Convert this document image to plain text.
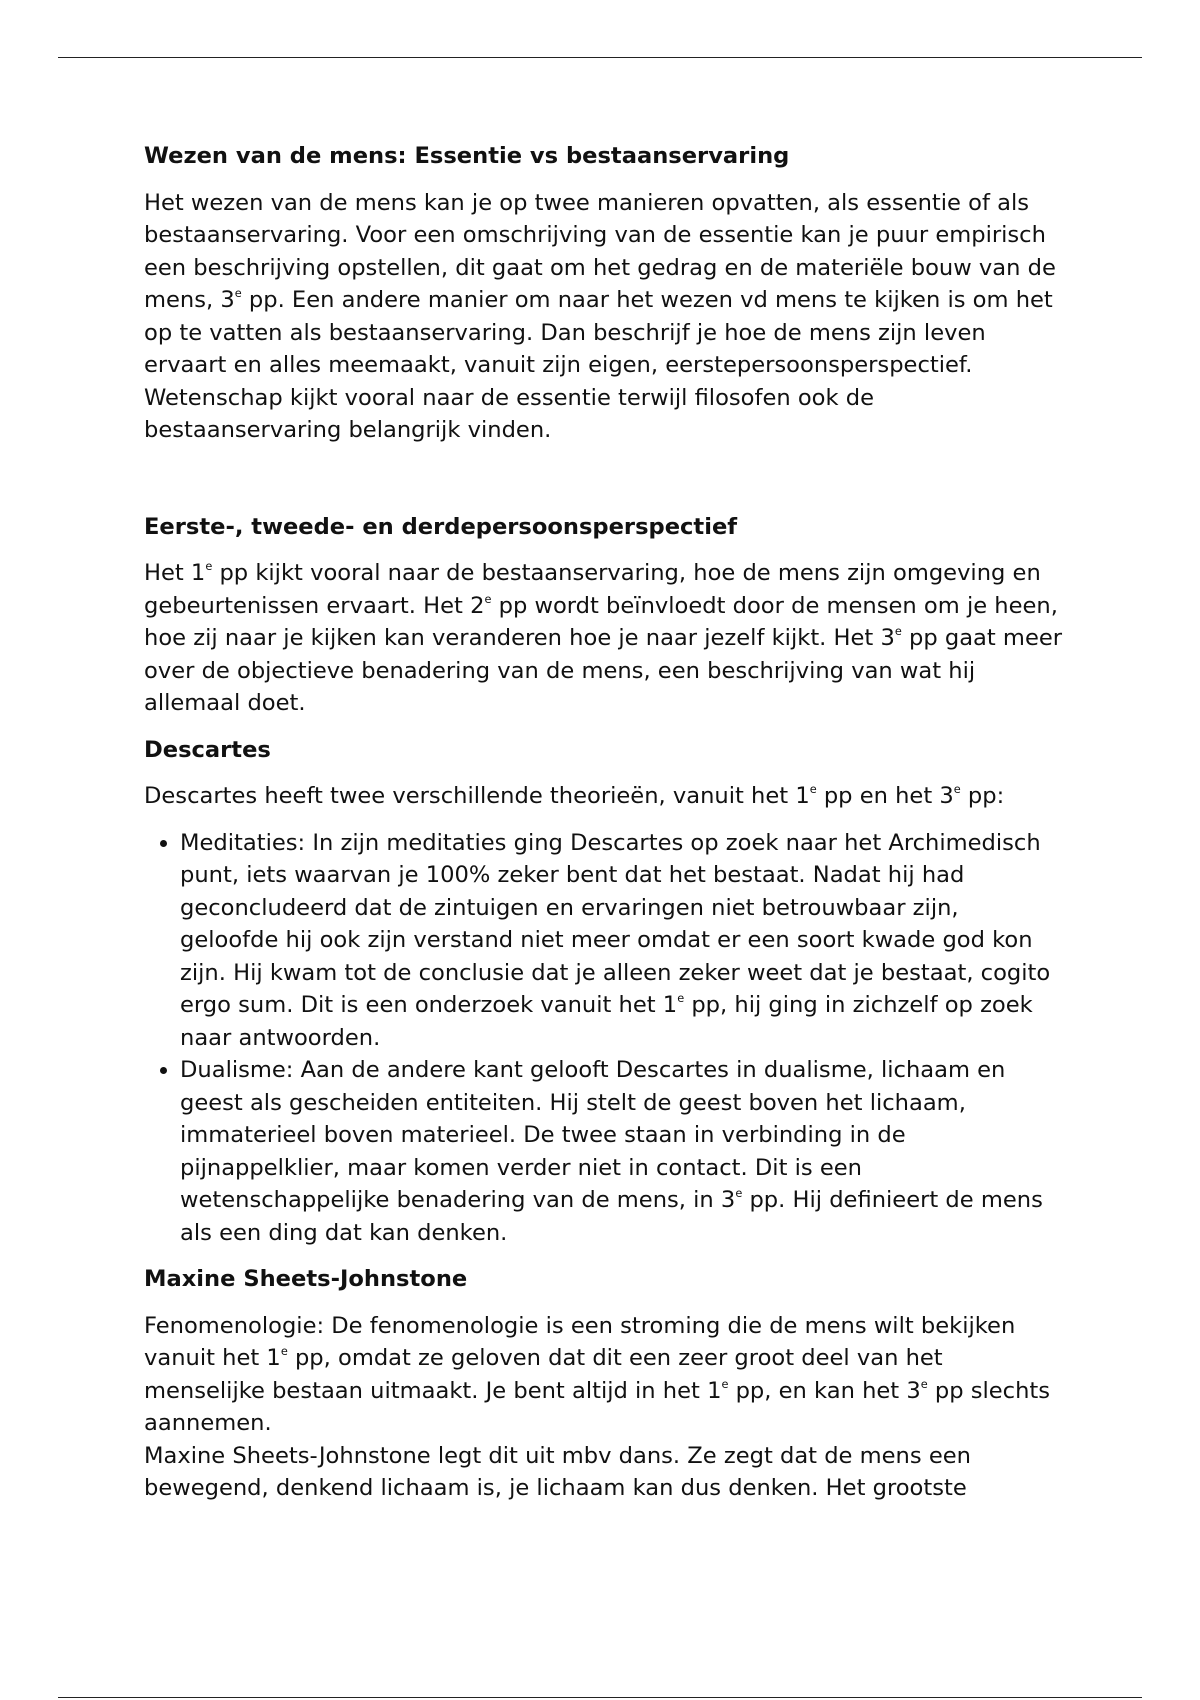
Wezen van de mens: Essentie vs bestaanservaring

Het wezen van de mens kan je op twee manieren opvatten, als essentie of als bestaanservaring. Voor een omschrijving van de essentie kan je puur empirisch een beschrijving opstellen, dit gaat om het gedrag en de materiële bouw van de mens, 3e pp. Een andere manier om naar het wezen vd mens te kijken is om het op te vatten als bestaanservaring. Dan beschrijf je hoe de mens zijn leven ervaart en alles meemaakt, vanuit zijn eigen, eerstepersoonsperspectief. Wetenschap kijkt vooral naar de essentie terwijl filosofen ook de bestaanservaring belangrijk vinden.

Eerste-, tweede- en derdepersoonsperspectief

Het 1e pp kijkt vooral naar de bestaanservaring, hoe de mens zijn omgeving en gebeurtenissen ervaart. Het 2e pp wordt beïnvloedt door de mensen om je heen, hoe zij naar je kijken kan veranderen hoe je naar jezelf kijkt. Het 3e pp gaat meer over de objectieve benadering van de mens, een beschrijving van wat hij allemaal doet.

Descartes

Descartes heeft twee verschillende theorieën, vanuit het 1e pp en het 3e pp:

• Meditaties: In zijn meditaties ging Descartes op zoek naar het Archimedisch punt, iets waarvan je 100% zeker bent dat het bestaat. Nadat hij had geconcludeerd dat de zintuigen en ervaringen niet betrouwbaar zijn, geloofde hij ook zijn verstand niet meer omdat er een soort kwade god kon zijn. Hij kwam tot de conclusie dat je alleen zeker weet dat je bestaat, cogito ergo sum. Dit is een onderzoek vanuit het 1e pp, hij ging in zichzelf op zoek naar antwoorden.
• Dualisme: Aan de andere kant gelooft Descartes in dualisme, lichaam en geest als gescheiden entiteiten. Hij stelt de geest boven het lichaam, immaterieel boven materieel. De twee staan in verbinding in de pijnappelklier, maar komen verder niet in contact. Dit is een wetenschappelijke benadering van de mens, in 3e pp. Hij definieert de mens als een ding dat kan denken.
Maxine Sheets-Johnstone

Fenomenologie: De fenomenologie is een stroming die de mens wilt bekijken vanuit het 1e pp, omdat ze geloven dat dit een zeer groot deel van het menselijke bestaan uitmaakt. Je bent altijd in het 1e pp, en kan het 3e pp slechts aannemen.

Maxine Sheets-Johnstone legt dit uit mbv dans. Ze zegt dat de mens een bewegend, denkend lichaam is, je lichaam kan dus denken. Het grootste
